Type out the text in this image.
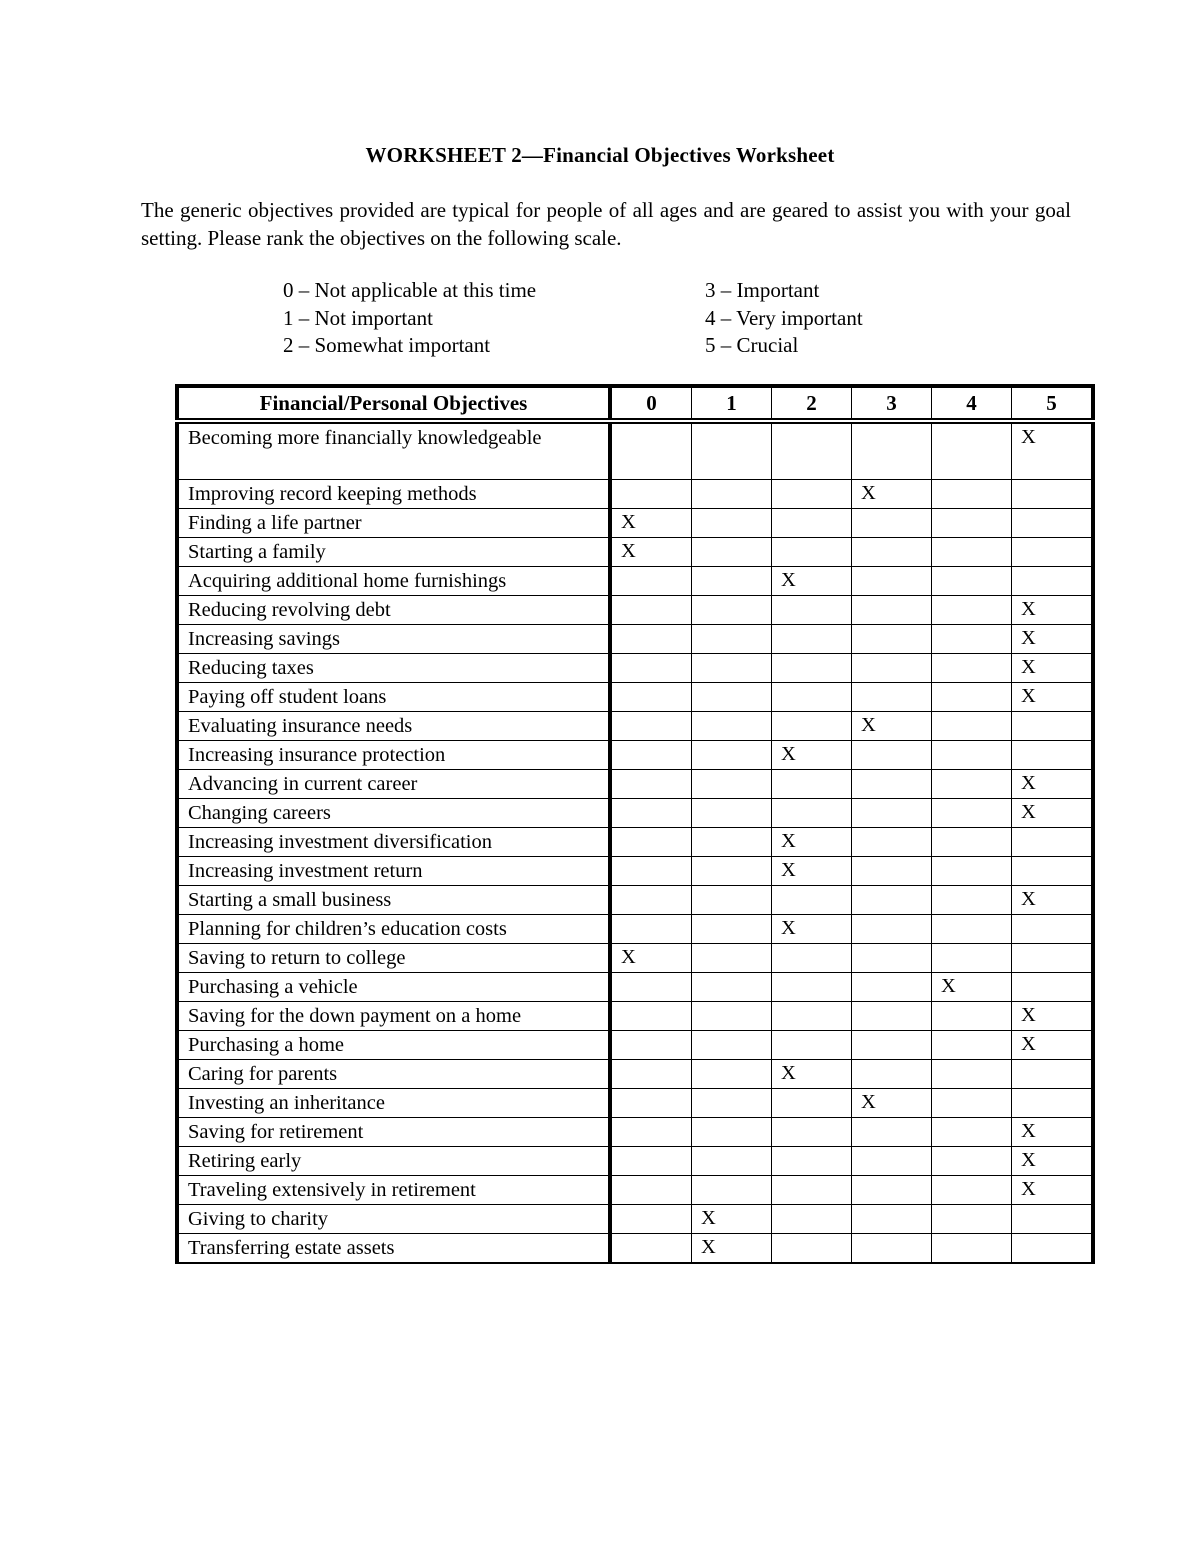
WORKSHEET 2—Financial Objectives Worksheet
The generic objectives provided are typical for people of all ages and are geared to assist you with your goal setting. Please rank the objectives on the following scale.
0 – Not applicable at this time
1 – Not important
2 – Somewhat important
3 – Important
4 – Very important
5 – Crucial
Financial/Personal Objectives	0	1	2	3	4	5

Becoming more financially knowledgeable						X

Improving record keeping methods				X		

Finding a life partner	X					

Starting a family	X					

Acquiring additional home furnishings			X			

Reducing revolving debt						X

Increasing savings						X

Reducing taxes						X

Paying off student loans						X

Evaluating insurance needs				X		

Increasing insurance protection			X			

Advancing in current career						X

Changing careers						X

Increasing investment diversification			X			

Increasing investment return			X			

Starting a small business						X

Planning for children’s education costs			X			

Saving to return to college	X					

Purchasing a vehicle					X	

Saving for the down payment on a home						X

Purchasing a home						X

Caring for parents			X			

Investing an inheritance				X		

Saving for retirement						X

Retiring early						X

Traveling extensively in retirement						X

Giving to charity		X				

Transferring estate assets		X				
